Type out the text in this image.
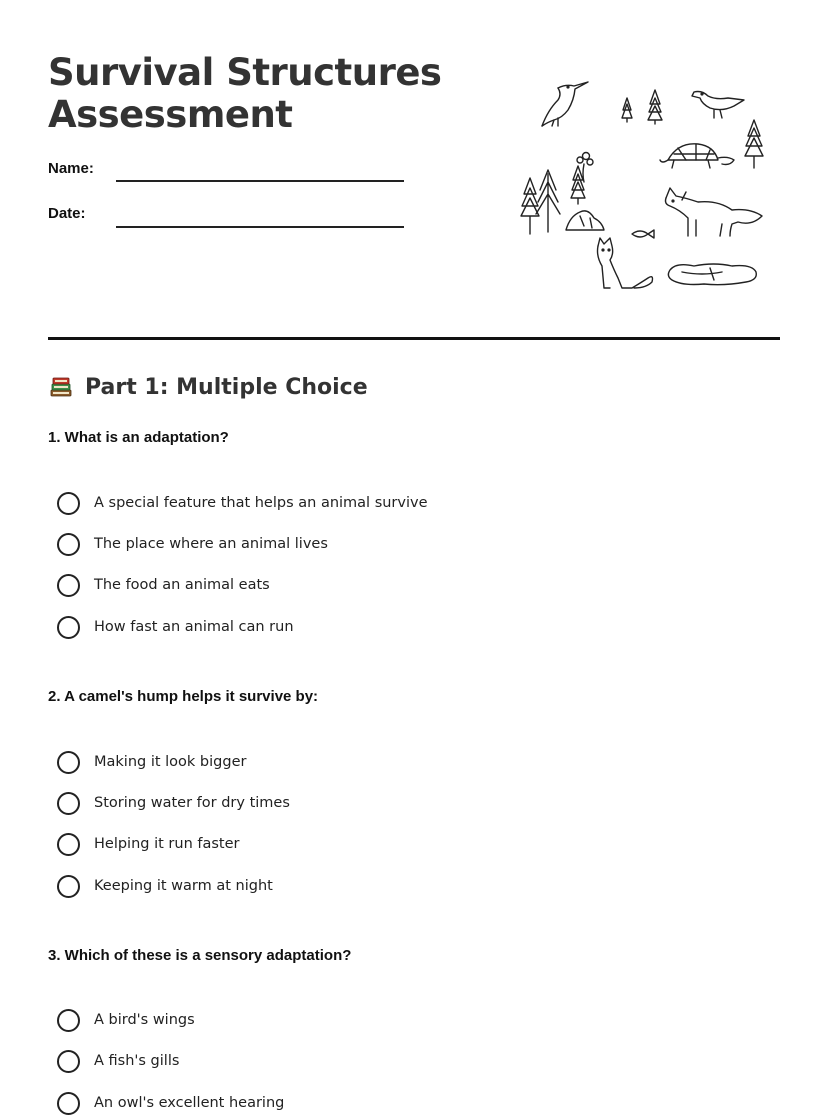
Survival Structures
Assessment
Name:
Date:
Part 1: Multiple Choice
1. What is an adaptation?
A special feature that helps an animal survive
The place where an animal lives
The food an animal eats
How fast an animal can run
2. A camel's hump helps it survive by:
Making it look bigger
Storing water for dry times
Helping it run faster
Keeping it warm at night
3. Which of these is a sensory adaptation?
A bird's wings
A fish's gills
An owl's excellent hearing
